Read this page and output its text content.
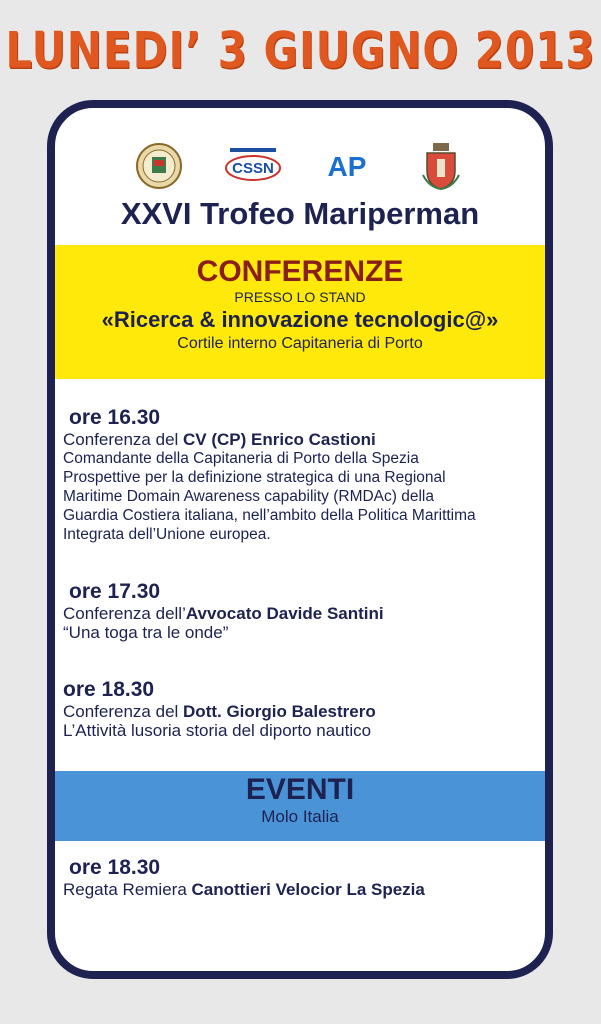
LUNEDI’ 3 GIUGNO 2013
CSSN AP
XXVI Trofeo Mariperman
CONFERENZE
PRESSO LO STAND
«Ricerca & innovazione tecnologic@»
Cortile interno Capitaneria di Porto
ore 16.30
Conferenza del CV (CP) Enrico Castioni
Comandante della Capitaneria di Porto della Spezia
Prospettive per la definizione strategica di una Regional
Maritime Domain Awareness capability (RMDAc) della
Guardia Costiera italiana, nell’ambito della Politica Marittima
Integrata dell’Unione europea.
ore 17.30
Conferenza dell’Avvocato Davide Santini
“Una toga tra le onde”
ore 18.30
Conferenza del Dott. Giorgio Balestrero
L’Attività lusoria storia del diporto nautico
EVENTI
Molo Italia
ore 18.30
Regata Remiera Canottieri Velocior La Spezia
